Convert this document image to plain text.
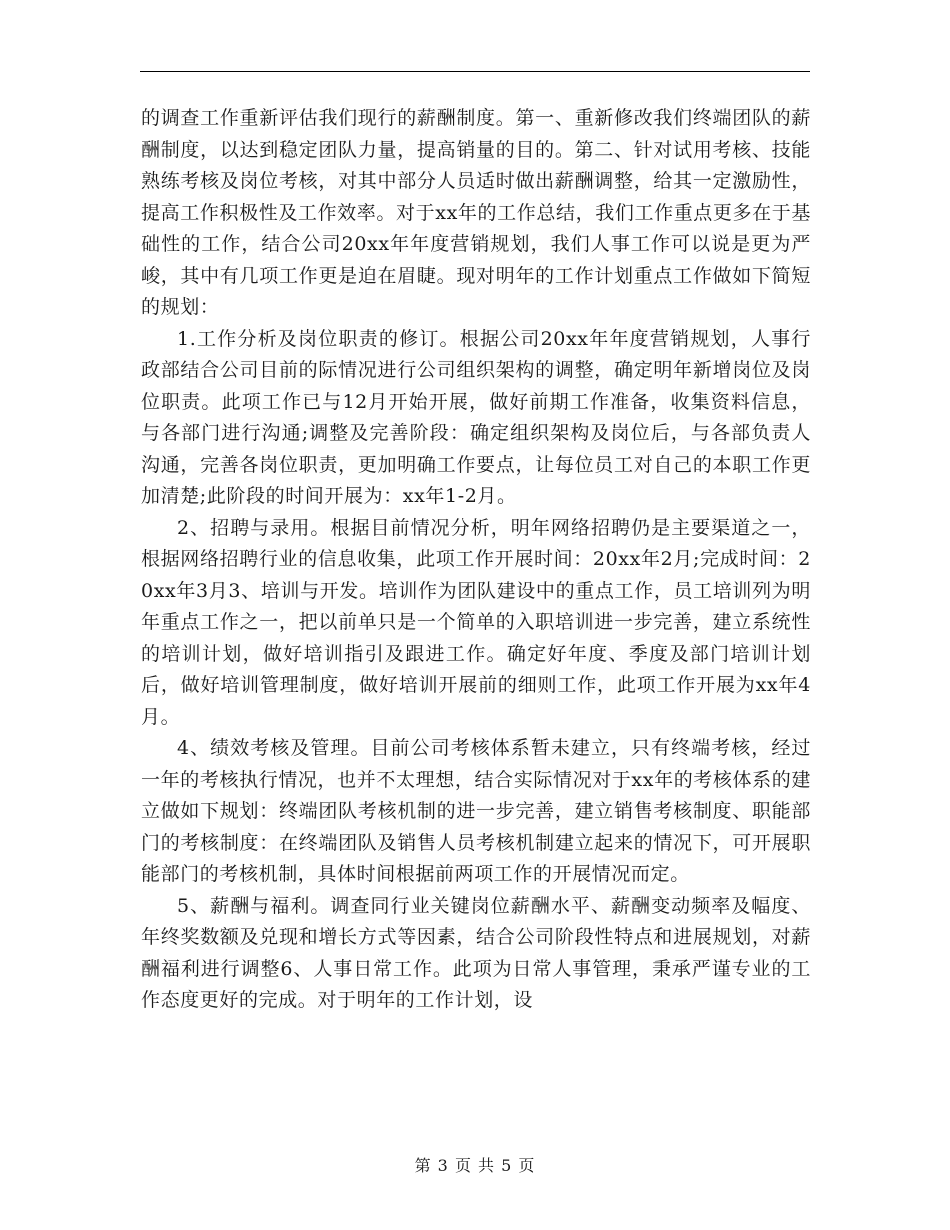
的调查工作重新评估我们现行的薪酬制度。第一、重新修改我们终端团队的薪酬制度，以达到稳定团队力量，提高销量的目的。第二、针对试用考核、技能熟练考核及岗位考核，对其中部分人员适时做出薪酬调整，给其一定激励性，提高工作积极性及工作效率。对于xx年的工作总结，我们工作重点更多在于基础性的工作，结合公司20xx年年度营销规划，我们人事工作可以说是更为严峻，其中有几项工作更是迫在眉睫。现对明年的工作计划重点工作做如下简短的规划：

1.工作分析及岗位职责的修订。根据公司20xx年年度营销规划，人事行政部结合公司目前的际情况进行公司组织架构的调整，确定明年新增岗位及岗位职责。此项工作已与12月开始开展，做好前期工作准备，收集资料信息，与各部门进行沟通;调整及完善阶段：确定组织架构及岗位后，与各部负责人沟通，完善各岗位职责，更加明确工作要点，让每位员工对自己的本职工作更加清楚;此阶段的时间开展为：xx年1-2月。

2、招聘与录用。根据目前情况分析，明年网络招聘仍是主要渠道之一，根据网络招聘行业的信息收集，此项工作开展时间：20xx年2月;完成时间：20xx年3月3、培训与开发。培训作为团队建设中的重点工作，员工培训列为明年重点工作之一，把以前单只是一个简单的入职培训进一步完善，建立系统性的培训计划，做好培训指引及跟进工作。确定好年度、季度及部门培训计划后，做好培训管理制度，做好培训开展前的细则工作，此项工作开展为xx年4月。

4、绩效考核及管理。目前公司考核体系暂未建立，只有终端考核，经过一年的考核执行情况，也并不太理想，结合实际情况对于xx年的考核体系的建立做如下规划：终端团队考核机制的进一步完善，建立销售考核制度、职能部门的考核制度：在终端团队及销售人员考核机制建立起来的情况下，可开展职能部门的考核机制，具体时间根据前两项工作的开展情况而定。

5、薪酬与福利。调查同行业关键岗位薪酬水平、薪酬变动频率及幅度、年终奖数额及兑现和增长方式等因素，结合公司阶段性特点和进展规划，对薪酬福利进行调整6、人事日常工作。此项为日常人事管理，秉承严谨专业的工作态度更好的完成。对于明年的工作计划，设

第 3 页 共 5 页
